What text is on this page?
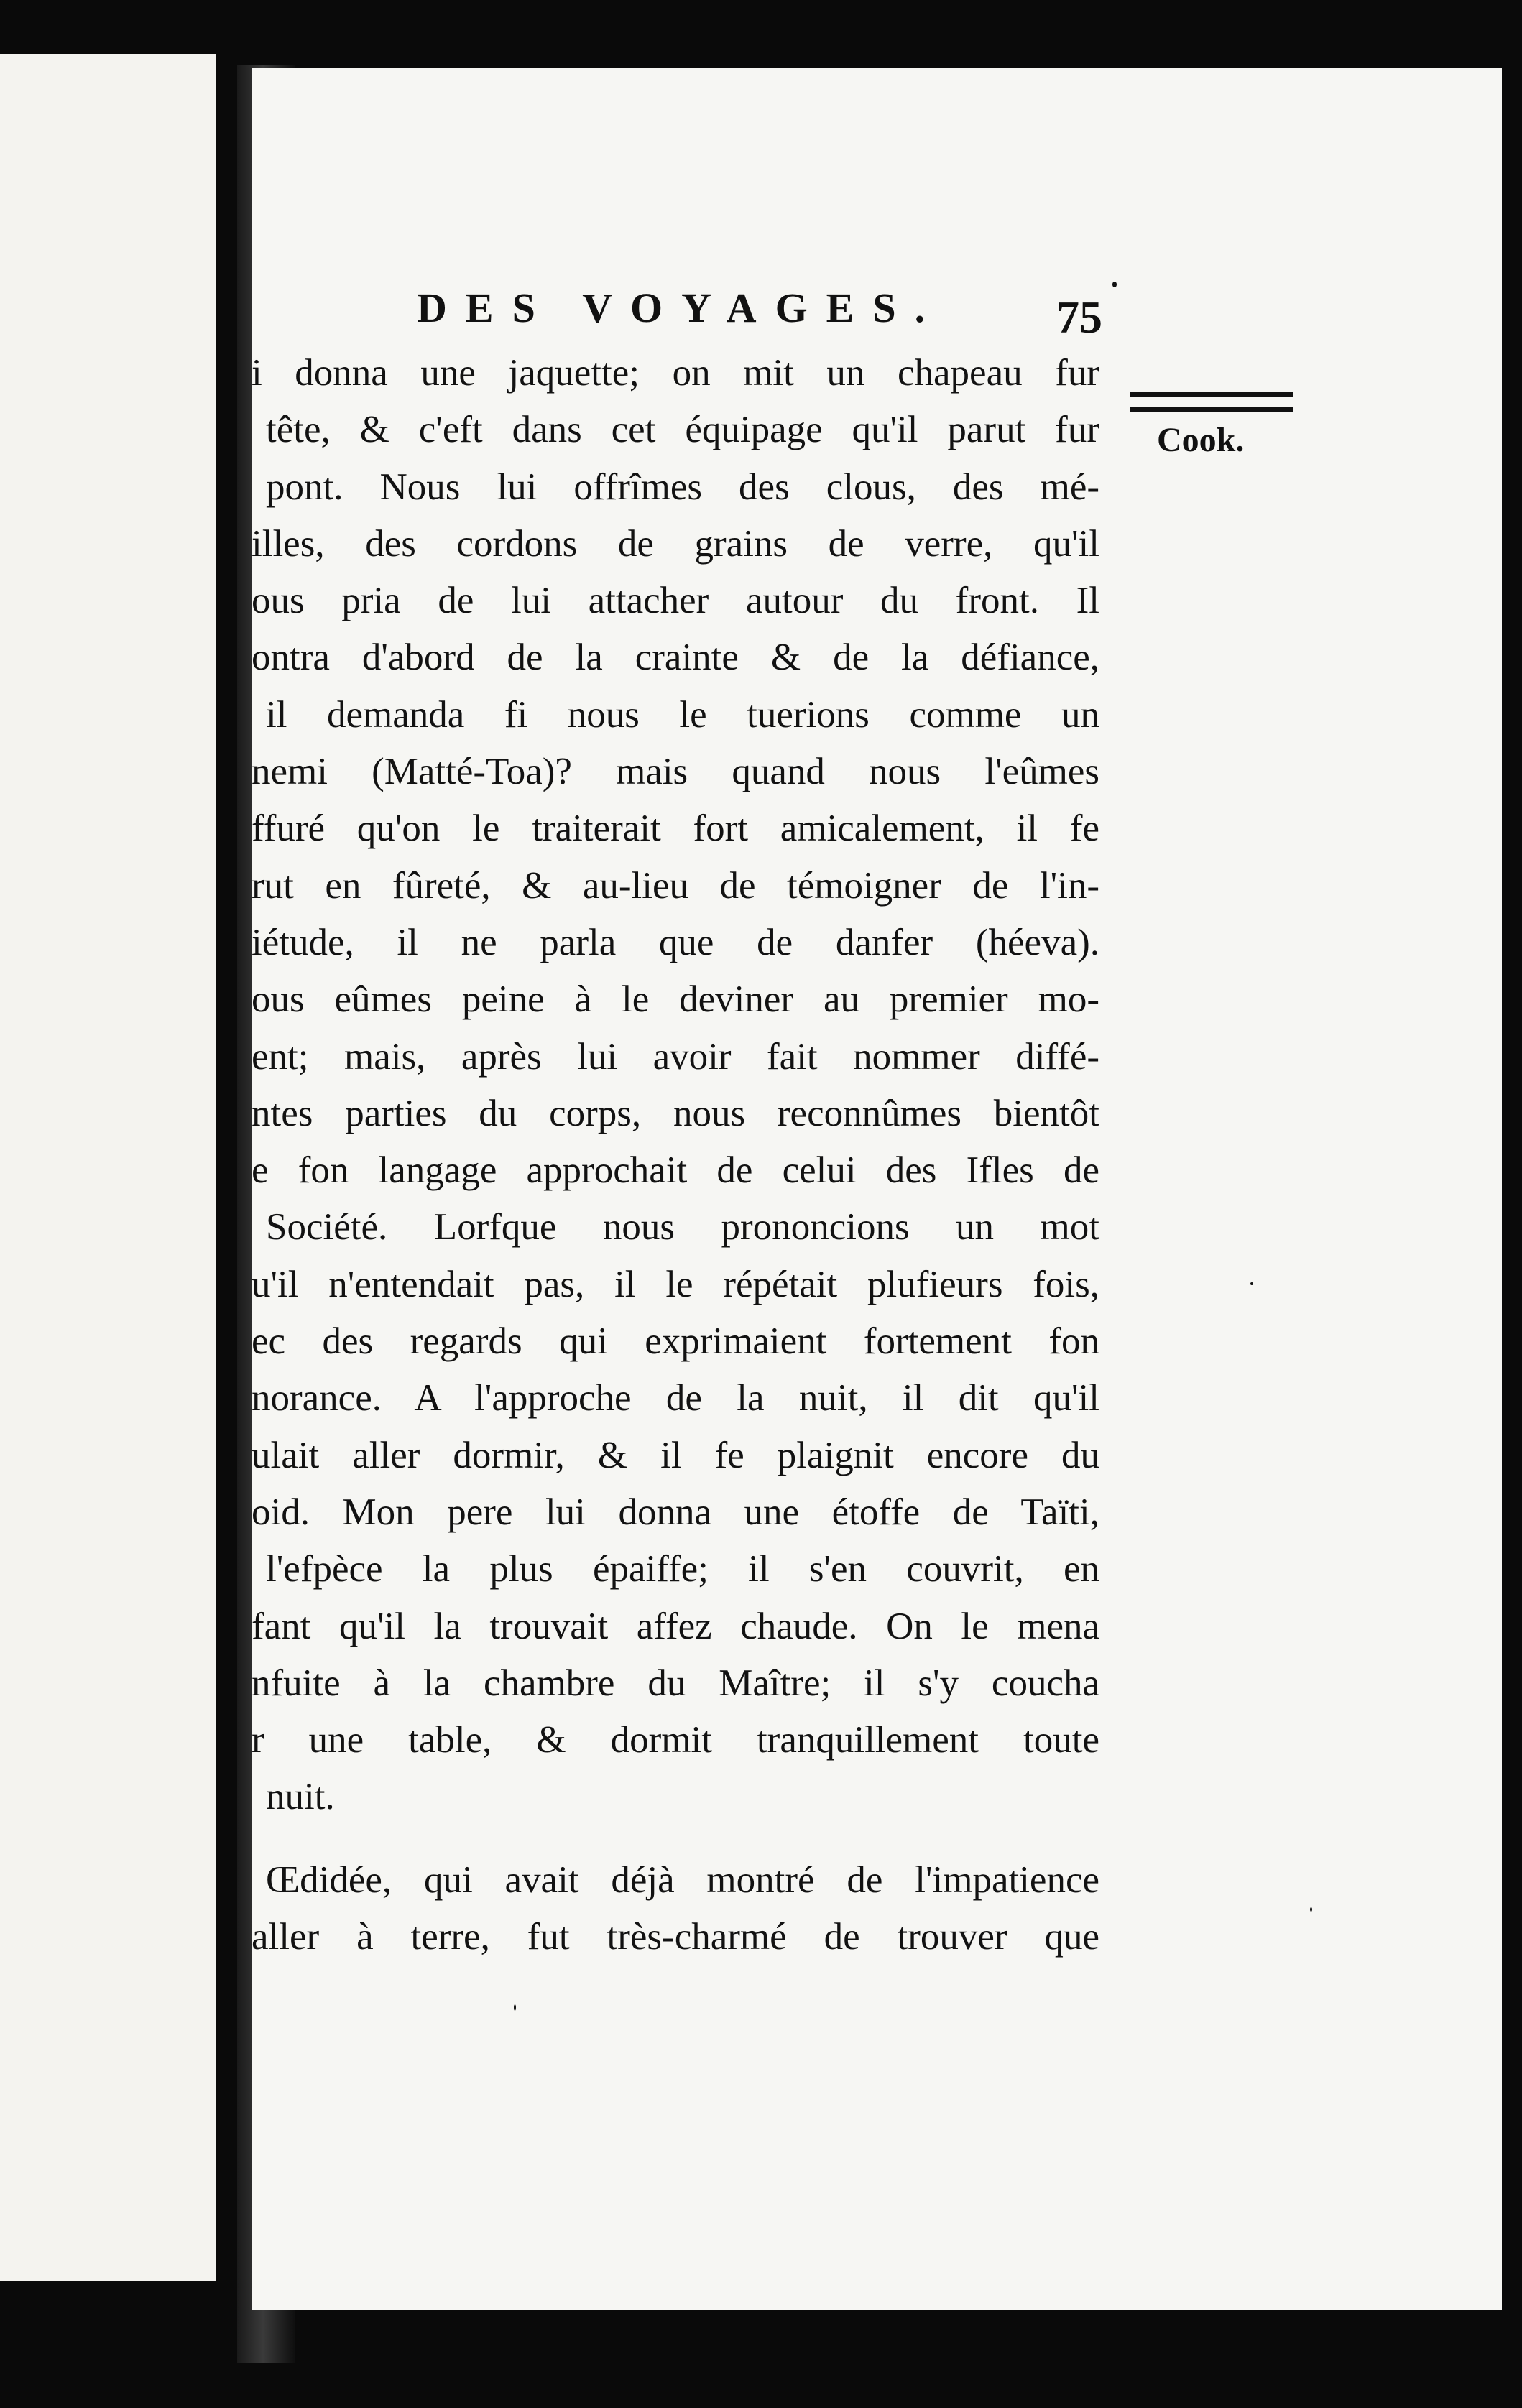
DES VOYAGES.	75
Cook.
i donna une jaquette; on mit un chapeau fur
tête, & c'eft dans cet équipage qu'il parut fur
pont. Nous lui offrîmes des clous, des mé-
illes, des cordons de grains de verre, qu'il
ous pria de lui attacher autour du front. Il
ontra d'abord de la crainte & de la défiance,
il demanda fi nous le tuerions comme un
nemi (Matté-Toa)? mais quand nous l'eûmes
ffuré qu'on le traiterait fort amicalement, il fe
rut en fûreté, & au-lieu de témoigner de l'in-
iétude, il ne parla que de danfer (héeva).
ous eûmes peine à le deviner au premier mo-
ent; mais, après lui avoir fait nommer diffé-
ntes parties du corps, nous reconnûmes bientôt
e fon langage approchait de celui des Ifles de
Société. Lorfque nous prononcions un mot
u'il n'entendait pas, il le répétait plufieurs fois,
ec des regards qui exprimaient fortement fon
norance. A l'approche de la nuit, il dit qu'il
ulait aller dormir, & il fe plaignit encore du
oid. Mon pere lui donna une étoffe de Taïti,
l'efpèce la plus épaiffe; il s'en couvrit, en
fant qu'il la trouvait affez chaude. On le mena
nfuite à la chambre du Maître; il s'y coucha
r une table, & dormit tranquillement toute
nuit.
Œdidée, qui avait déjà montré de l'impatience
aller à terre, fut très-charmé de trouver que
